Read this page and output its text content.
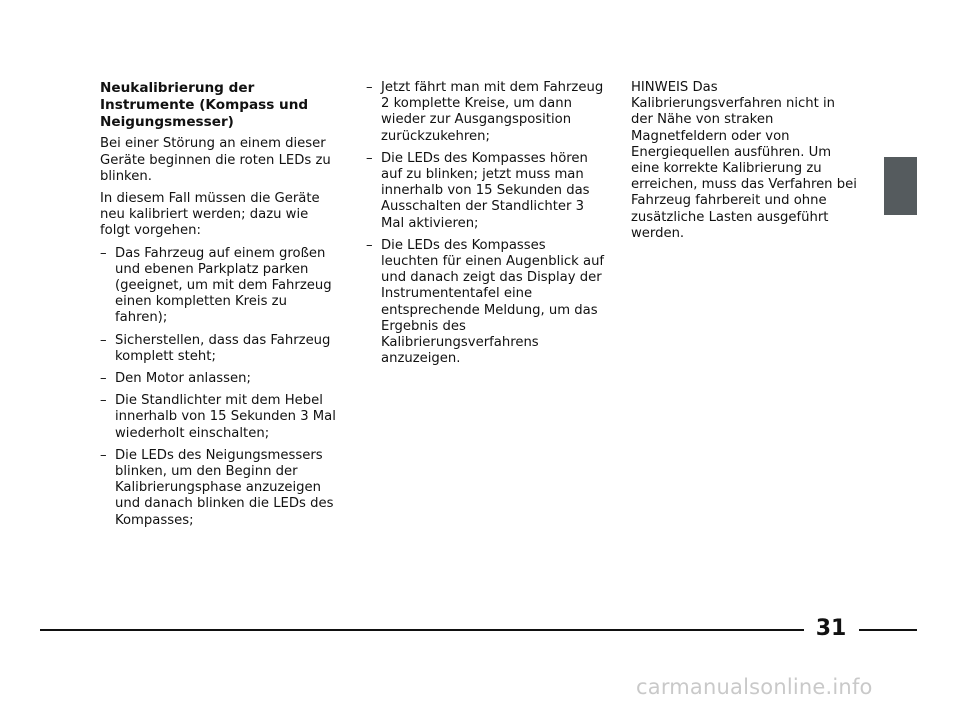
Neukalibrierung der Instrumente (Kompass und Neigungsmesser)

Bei einer Störung an einem dieser Geräte beginnen die roten LEDs zu blinken.

In diesem Fall müssen die Geräte neu kalibriert werden; dazu wie folgt vorgehen:

– Das Fahrzeug auf einem großen und ebenen Parkplatz parken (geeignet, um mit dem Fahrzeug einen kompletten Kreis zu fahren);
– Sicherstellen, dass das Fahrzeug komplett steht;
– Den Motor anlassen;
– Die Standlichter mit dem Hebel innerhalb von 15 Sekunden 3 Mal wiederholt einschalten;
– Die LEDs des Neigungsmessers blinken, um den Beginn der Kalibrierungsphase anzuzeigen und danach blinken die LEDs des Kompasses;
– Jetzt fährt man mit dem Fahrzeug 2 komplette Kreise, um dann wieder zur Ausgangsposition zurückzukehren;
– Die LEDs des Kompasses hören auf zu blinken; jetzt muss man innerhalb von 15 Sekunden das Ausschalten der Standlichter 3 Mal aktivieren;
– Die LEDs des Kompasses leuchten für einen Augenblick auf und danach zeigt das Display der Instrumententafel eine entsprechende Meldung, um das Ergebnis des Kalibrierungsverfahrens anzuzeigen.

HINWEIS Das Kalibrierungsverfahren nicht in der Nähe von straken Magnetfeldern oder von Energiequellen ausführen. Um eine korrekte Kalibrierung zu erreichen, muss das Verfahren bei Fahrzeug fahrbereit und ohne zusätzliche Lasten ausgeführt werden.

31
carmanualsonline.info
